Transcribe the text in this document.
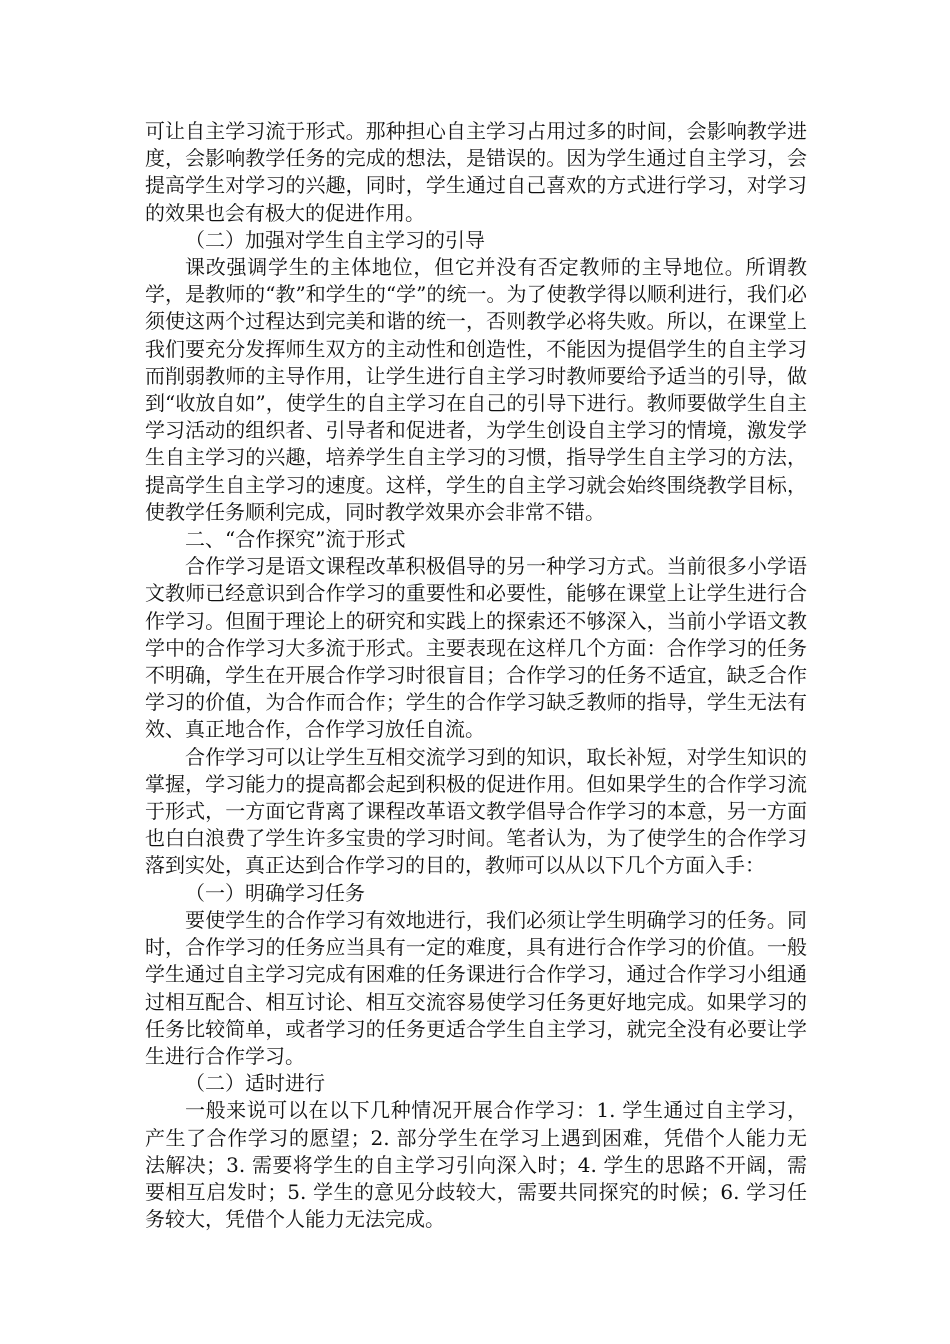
可让自主学习流于形式。那种担心自主学习占用过多的时间，会影响教学进度，会影响教学任务的完成的想法，是错误的。因为学生通过自主学习，会提高学生对学习的兴趣，同时，学生通过自己喜欢的方式进行学习，对学习的效果也会有极大的促进作用。

（二）加强对学生自主学习的引导

课改强调学生的主体地位，但它并没有否定教师的主导地位。所谓教学，是教师的“教”和学生的“学”的统一。为了使教学得以顺利进行，我们必须使这两个过程达到完美和谐的统一，否则教学必将失败。所以，在课堂上我们要充分发挥师生双方的主动性和创造性，不能因为提倡学生的自主学习而削弱教师的主导作用，让学生进行自主学习时教师要给予适当的引导，做到“收放自如”，使学生的自主学习在自己的引导下进行。教师要做学生自主学习活动的组织者、引导者和促进者，为学生创设自主学习的情境，激发学生自主学习的兴趣，培养学生自主学习的习惯，指导学生自主学习的方法，提高学生自主学习的速度。这样，学生的自主学习就会始终围绕教学目标，使教学任务顺利完成，同时教学效果亦会非常不错。

二、“合作探究”流于形式

合作学习是语文课程改革积极倡导的另一种学习方式。当前很多小学语文教师已经意识到合作学习的重要性和必要性，能够在课堂上让学生进行合作学习。但囿于理论上的研究和实践上的探索还不够深入，当前小学语文教学中的合作学习大多流于形式。主要表现在这样几个方面：合作学习的任务不明确，学生在开展合作学习时很盲目；合作学习的任务不适宜，缺乏合作学习的价值，为合作而合作；学生的合作学习缺乏教师的指导，学生无法有效、真正地合作，合作学习放任自流。

合作学习可以让学生互相交流学习到的知识，取长补短，对学生知识的掌握，学习能力的提高都会起到积极的促进作用。但如果学生的合作学习流于形式，一方面它背离了课程改革语文教学倡导合作学习的本意，另一方面也白白浪费了学生许多宝贵的学习时间。笔者认为，为了使学生的合作学习落到实处，真正达到合作学习的目的，教师可以从以下几个方面入手：

（一）明确学习任务

要使学生的合作学习有效地进行，我们必须让学生明确学习的任务。同时，合作学习的任务应当具有一定的难度，具有进行合作学习的价值。一般学生通过自主学习完成有困难的任务课进行合作学习，通过合作学习小组通过相互配合、相互讨论、相互交流容易使学习任务更好地完成。如果学习的任务比较简单，或者学习的任务更适合学生自主学习，就完全没有必要让学生进行合作学习。

（二）适时进行

一般来说可以在以下几种情况开展合作学习：1. 学生通过自主学习，产生了合作学习的愿望；2. 部分学生在学习上遇到困难，凭借个人能力无法解决；3. 需要将学生的自主学习引向深入时；4. 学生的思路不开阔，需要相互启发时；5. 学生的意见分歧较大，需要共同探究的时候；6. 学习任务较大，凭借个人能力无法完成。
